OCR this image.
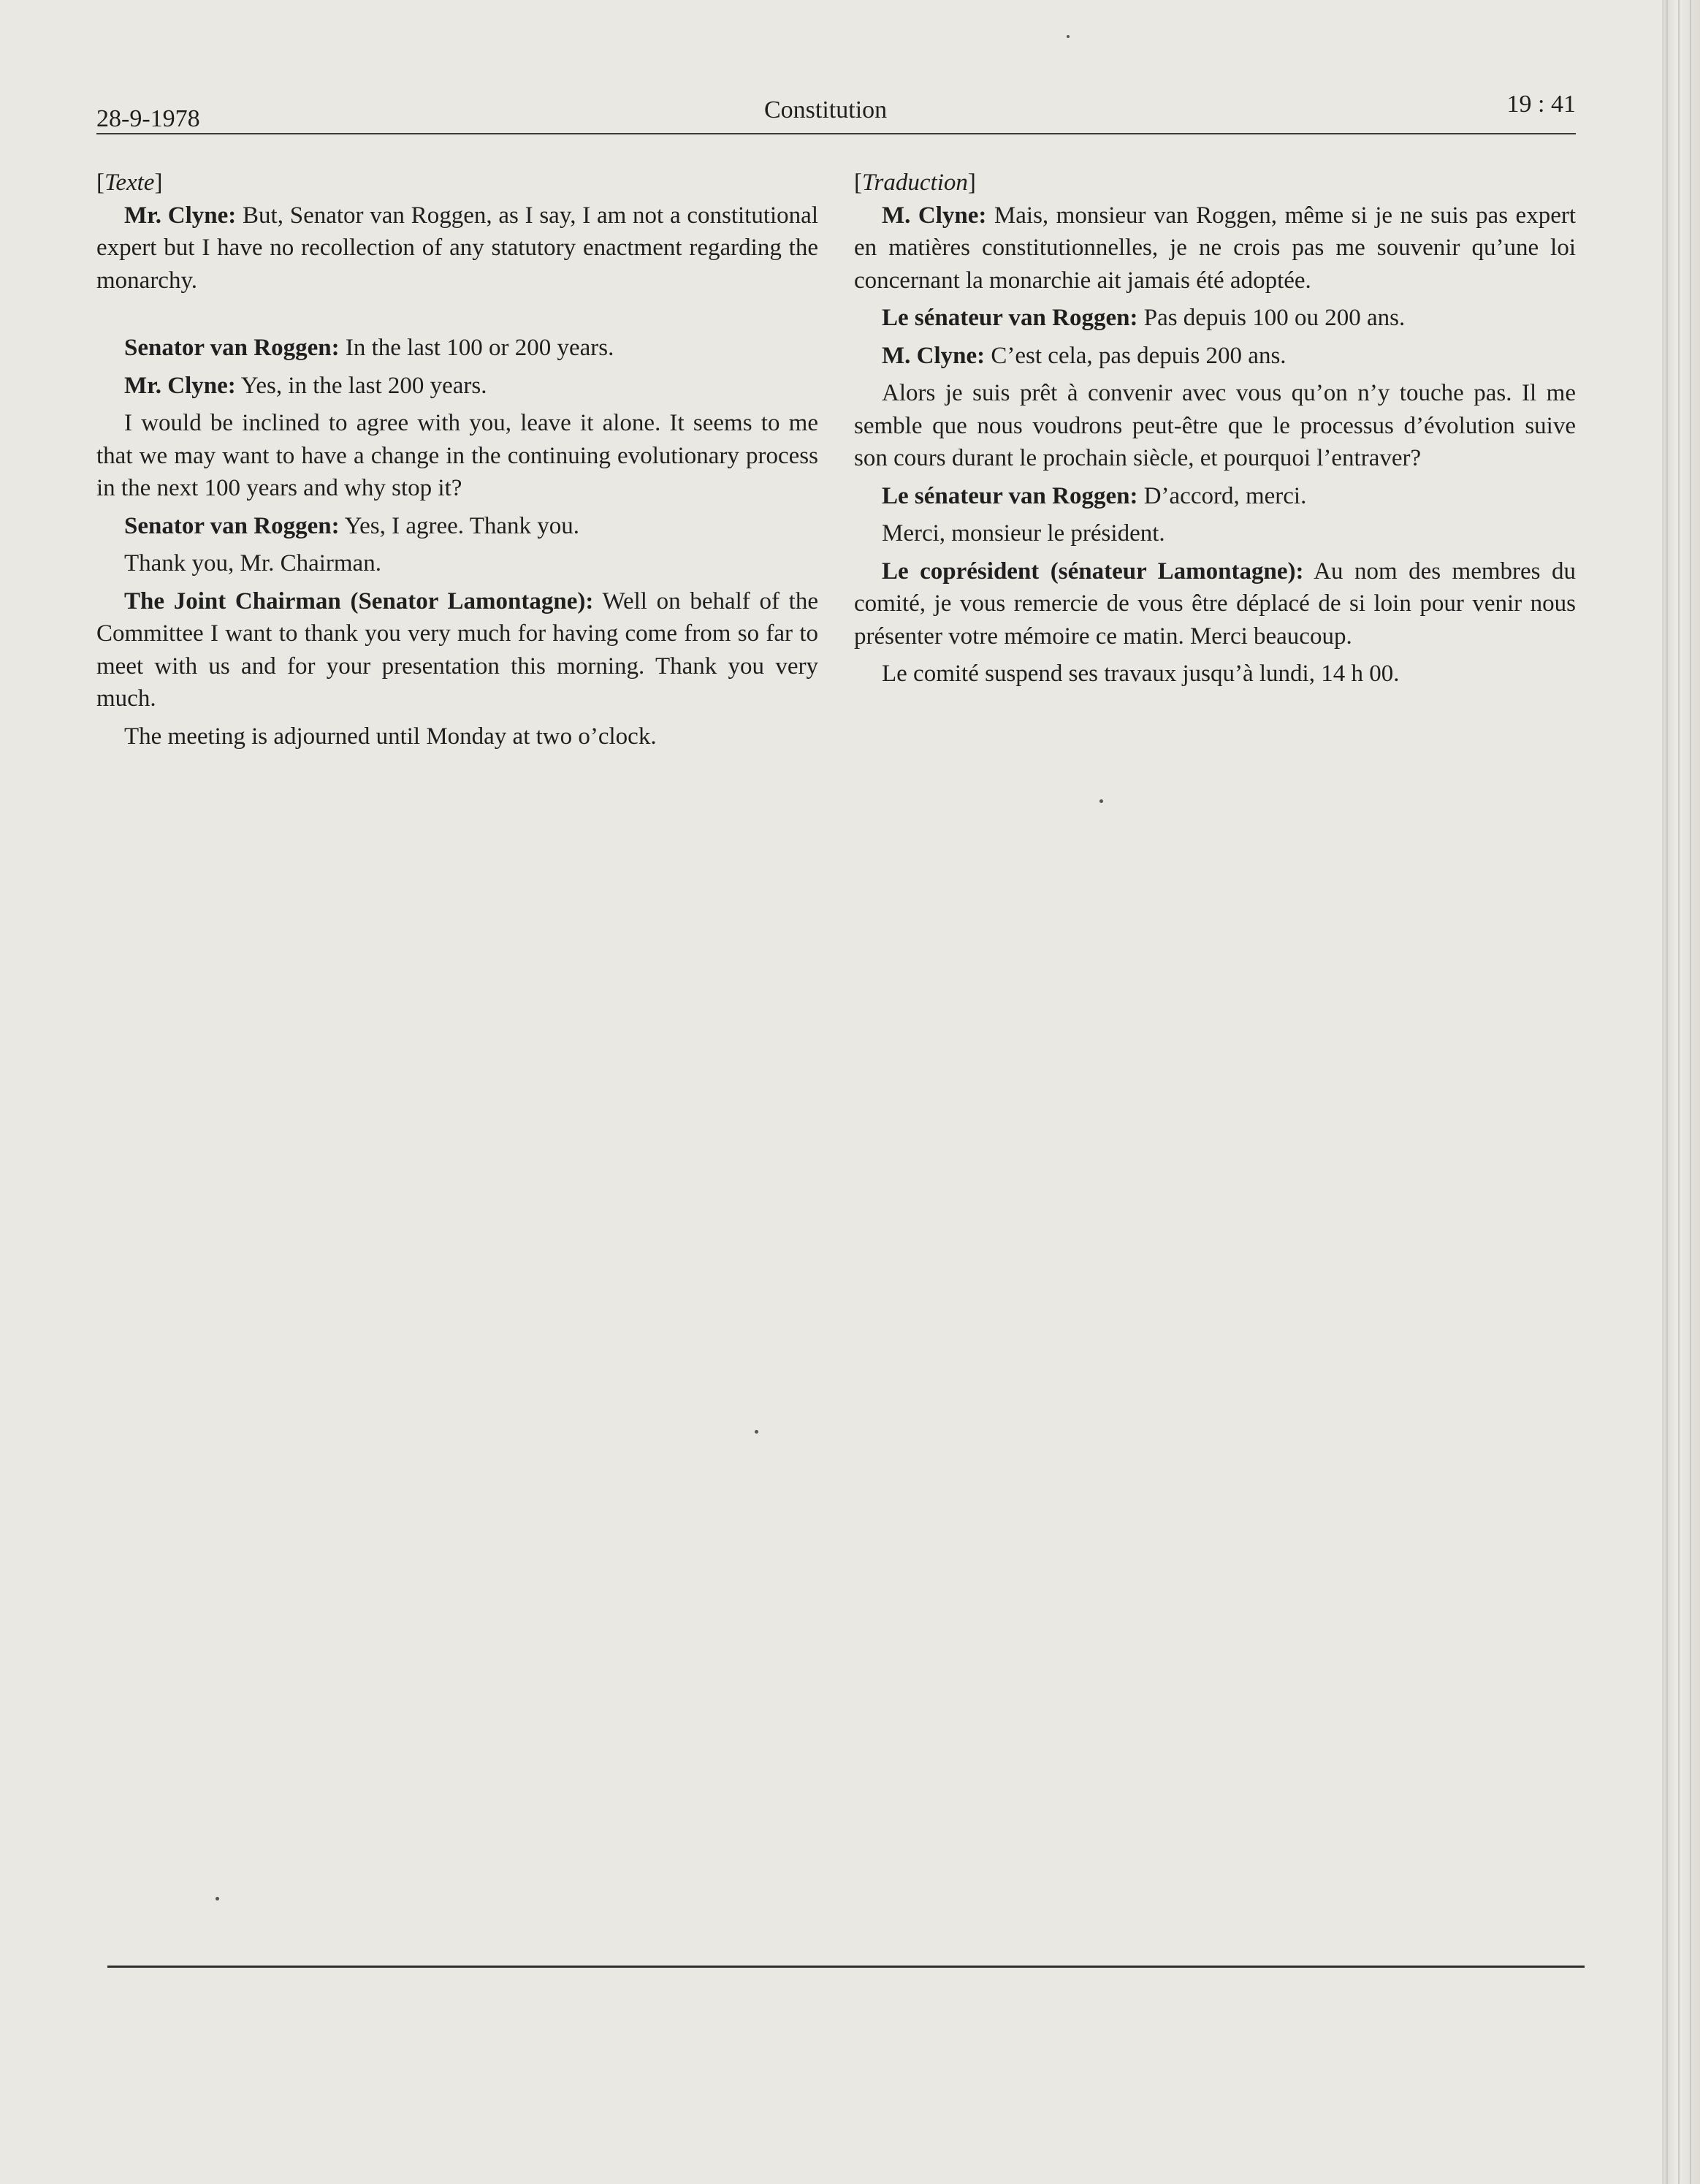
28-9-1978	Constitution	19 : 41

[Texte]

Mr. Clyne: But, Senator van Roggen, as I say, I am not a constitutional expert but I have no recollection of any statutory enactment regarding the monarchy.

Senator van Roggen: In the last 100 or 200 years.

Mr. Clyne: Yes, in the last 200 years.

I would be inclined to agree with you, leave it alone. It seems to me that we may want to have a change in the continuing evolutionary process in the next 100 years and why stop it?

Senator van Roggen: Yes, I agree. Thank you.

Thank you, Mr. Chairman.

The Joint Chairman (Senator Lamontagne): Well on behalf of the Committee I want to thank you very much for having come from so far to meet with us and for your presentation this morning. Thank you very much.

The meeting is adjourned until Monday at two o’clock.

[Traduction]

M. Clyne: Mais, monsieur van Roggen, même si je ne suis pas expert en matières constitutionnelles, je ne crois pas me souvenir qu’une loi concernant la monarchie ait jamais été adoptée.

Le sénateur van Roggen: Pas depuis 100 ou 200 ans.

M. Clyne: C’est cela, pas depuis 200 ans.

Alors je suis prêt à convenir avec vous qu’on n’y touche pas. Il me semble que nous voudrons peut-être que le processus d’évolution suive son cours durant le prochain siècle, et pourquoi l’entraver?

Le sénateur van Roggen: D’accord, merci.

Merci, monsieur le président.

Le coprésident (sénateur Lamontagne): Au nom des membres du comité, je vous remercie de vous être déplacé de si loin pour venir nous présenter votre mémoire ce matin. Merci beaucoup.

Le comité suspend ses travaux jusqu’à lundi, 14 h 00.
